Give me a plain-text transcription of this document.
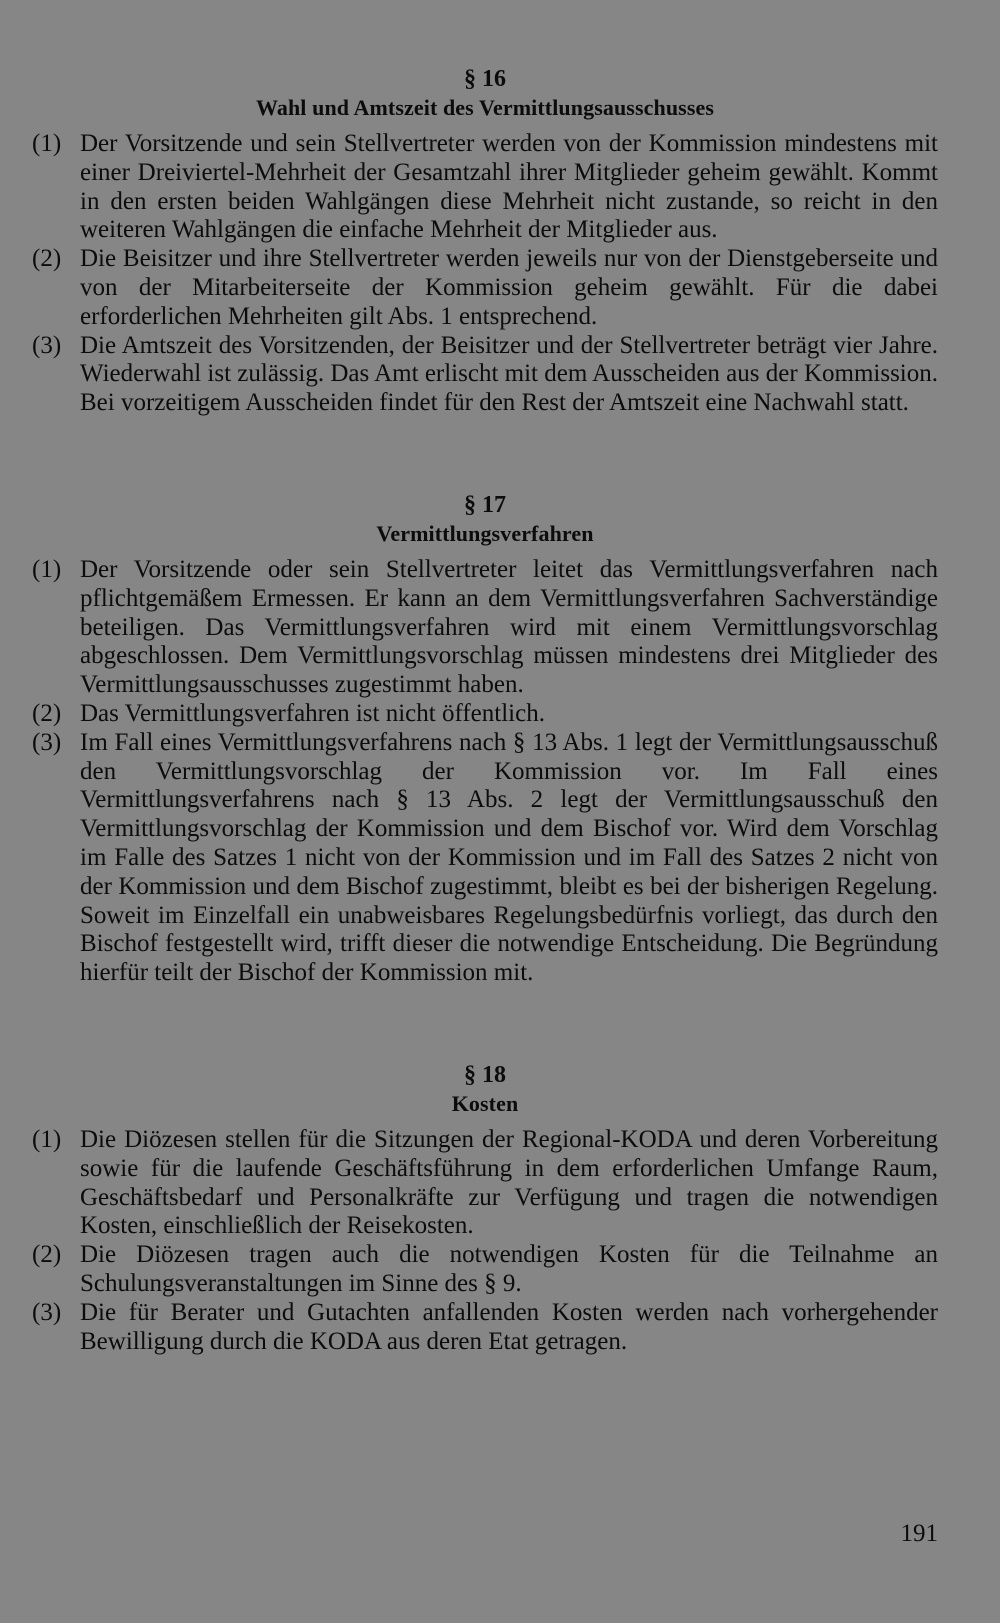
§ 16
Wahl und Amtszeit des Vermittlungsausschusses
(1) Der Vorsitzende und sein Stellvertreter werden von der Kommission mindestens mit einer Dreiviertel-Mehrheit der Gesamtzahl ihrer Mitglieder geheim gewählt. Kommt in den ersten beiden Wahlgängen diese Mehrheit nicht zustande, so reicht in den weiteren Wahlgängen die einfache Mehrheit der Mitglieder aus.
(2) Die Beisitzer und ihre Stellvertreter werden jeweils nur von der Dienstgeberseite und von der Mitarbeiterseite der Kommission geheim gewählt. Für die dabei erforderlichen Mehrheiten gilt Abs. 1 entsprechend.
(3) Die Amtszeit des Vorsitzenden, der Beisitzer und der Stellvertreter beträgt vier Jahre. Wiederwahl ist zulässig. Das Amt erlischt mit dem Ausscheiden aus der Kommission. Bei vorzeitigem Ausscheiden findet für den Rest der Amtszeit eine Nachwahl statt.
§ 17
Vermittlungsverfahren
(1) Der Vorsitzende oder sein Stellvertreter leitet das Vermittlungsverfahren nach pflichtgemäßem Ermessen. Er kann an dem Vermittlungsverfahren Sachverständige beteiligen. Das Vermittlungsverfahren wird mit einem Vermittlungsvorschlag abgeschlossen. Dem Vermittlungsvorschlag müssen mindestens drei Mitglieder des Vermittlungsausschusses zugestimmt haben.
(2) Das Vermittlungsverfahren ist nicht öffentlich.
(3) Im Fall eines Vermittlungsverfahrens nach § 13 Abs. 1 legt der Vermittlungsausschuß den Vermittlungsvorschlag der Kommission vor. Im Fall eines Vermittlungsverfahrens nach § 13 Abs. 2 legt der Vermittlungsausschuß den Vermittlungsvorschlag der Kommission und dem Bischof vor. Wird dem Vorschlag im Falle des Satzes 1 nicht von der Kommission und im Fall des Satzes 2 nicht von der Kommission und dem Bischof zugestimmt, bleibt es bei der bisherigen Regelung. Soweit im Einzelfall ein unabweisbares Regelungsbedürfnis vorliegt, das durch den Bischof festgestellt wird, trifft dieser die notwendige Entscheidung. Die Begründung hierfür teilt der Bischof der Kommission mit.
§ 18
Kosten
(1) Die Diözesen stellen für die Sitzungen der Regional-KODA und deren Vorbereitung sowie für die laufende Geschäftsführung in dem erforderlichen Umfange Raum, Geschäftsbedarf und Personalkräfte zur Verfügung und tragen die notwendigen Kosten, einschließlich der Reisekosten.
(2) Die Diözesen tragen auch die notwendigen Kosten für die Teilnahme an Schulungsveranstaltungen im Sinne des § 9.
(3) Die für Berater und Gutachten anfallenden Kosten werden nach vorhergehender Bewilligung durch die KODA aus deren Etat getragen.
191
